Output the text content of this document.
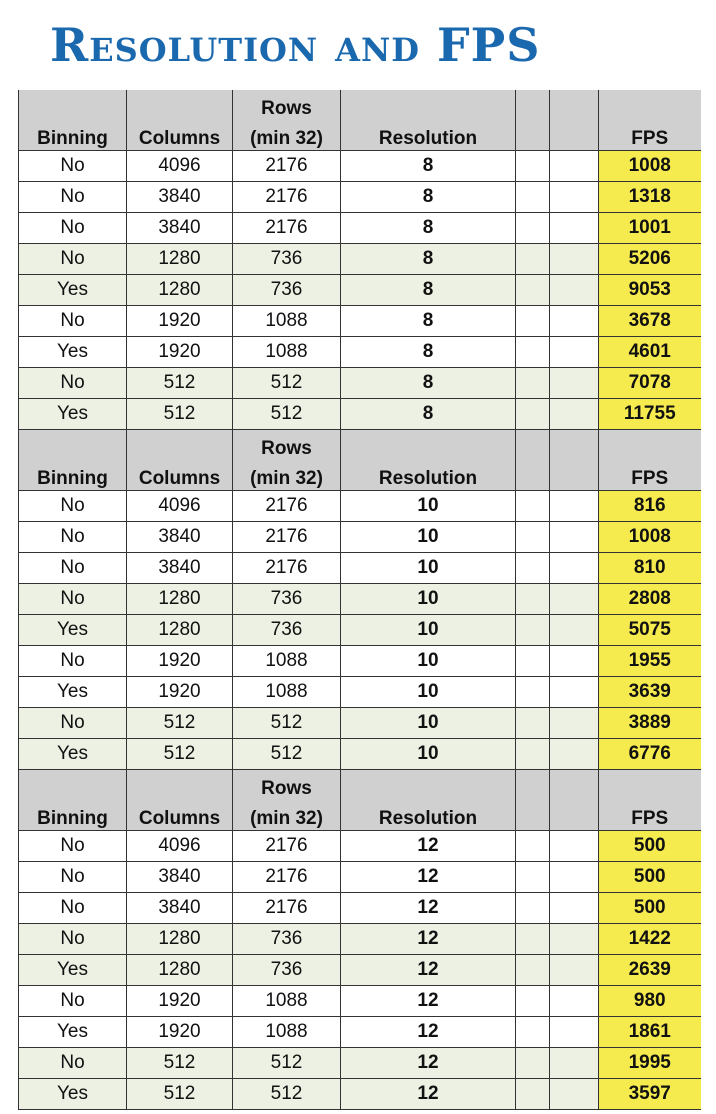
Resolution and FPS
		Rows				
Binning	Columns	(min 32)	Resolution			FPS
No	4096	2176	8			1008
No	3840	2176	8			1318
No	3840	2176	8			1001
No	1280	736	8			5206
Yes	1280	736	8			9053
No	1920	1088	8			3678
Yes	1920	1088	8			4601
No	512	512	8			7078
Yes	512	512	8			11755
		Rows				
Binning	Columns	(min 32)	Resolution			FPS
No	4096	2176	10			816
No	3840	2176	10			1008
No	3840	2176	10			810
No	1280	736	10			2808
Yes	1280	736	10			5075
No	1920	1088	10			1955
Yes	1920	1088	10			3639
No	512	512	10			3889
Yes	512	512	10			6776
		Rows				
Binning	Columns	(min 32)	Resolution			FPS
No	4096	2176	12			500
No	3840	2176	12			500
No	3840	2176	12			500
No	1280	736	12			1422
Yes	1280	736	12			2639
No	1920	1088	12			980
Yes	1920	1088	12			1861
No	512	512	12			1995
Yes	512	512	12			3597
